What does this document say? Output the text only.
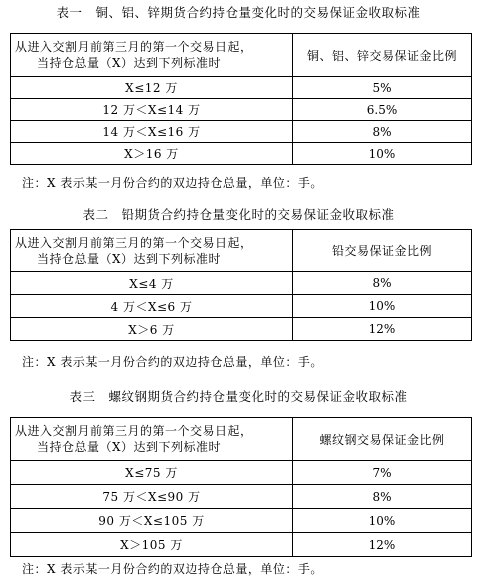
表一　铜、铝、锌期货合约持仓量变化时的交易保证金收取标准
从进入交割月前第三月的第一个交易日起，
当持仓总量（X）达到下列标准时	铜、铝、锌交易保证金比例
X≤12 万	5%
12 万＜X≤14 万	6.5%
14 万＜X≤16 万	8%
X＞16 万	10%
注：X 表示某一月份合约的双边持仓总量，单位：手。
表二　铅期货合约持仓量变化时的交易保证金收取标准
从进入交割月前第三月的第一个交易日起，
当持仓总量（X）达到下列标准时	铅交易保证金比例
X≤4 万	8%
4 万＜X≤6 万	10%
X＞6 万	12%
注：X 表示某一月份合约的双边持仓总量，单位：手。
表三　螺纹钢期货合约持仓量变化时的交易保证金收取标准
从进入交割月前第三月的第一个交易日起，
当持仓总量（X）达到下列标准时	螺纹钢交易保证金比例
X≤75 万	7%
75 万＜X≤90 万	8%
90 万＜X≤105 万	10%
X＞105 万	12%
注：X 表示某一月份合约的双边持仓总量，单位：手。
